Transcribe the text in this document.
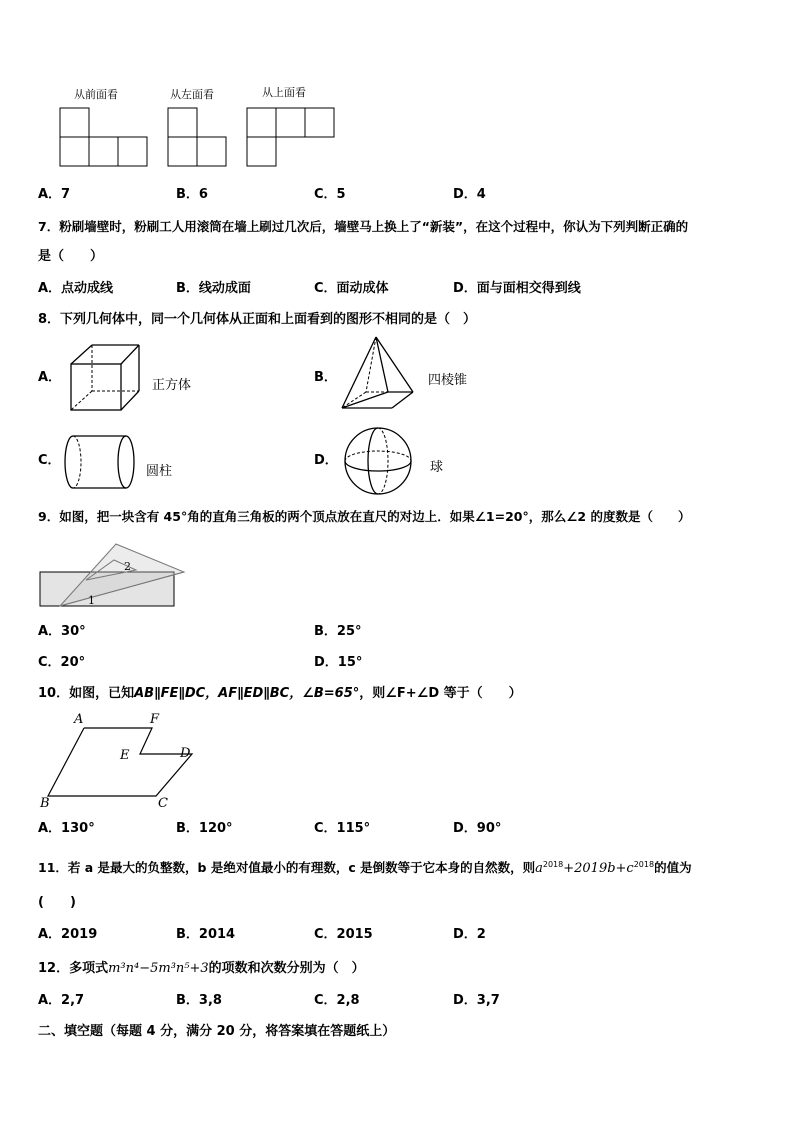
从前面看	从左面看	从上面看
A．7	B．6	C．5	D．4
7．粉刷墙壁时，粉刷工人用滚筒在墙上刷过几次后，墙壁马上换上了“新装”，在这个过程中，你认为下列判断正确的
是（　　）
A．点动成线	B．线动成面	C．面动成体	D．面与面相交得到线
8．下列几何体中，同一个几何体从正面和上面看到的图形不相同的是（　）
A．
正方体
B．	四棱锥
C．
圆柱
D．	球
9．如图，把一块含有 45°角的直角三角板的两个顶点放在直尺的对边上．如果∠1=20°，那么∠2 的度数是（　　）
2
1
A．30°	B．25°
C．20°	D．15°
10．如图，已知AB∥FE∥DC，AF∥ED∥BC，∠B=65°，则∠F+∠D 等于（　　）
A	F
E	D
B	C
A．130°	B．120°	C．115°	D．90°
11．若 a 是最大的负整数，b 是绝对值最小的有理数，c 是倒数等于它本身的自然数，则$a^{2018}+2019b+c^{2018}$的值为
(　　)
A．2019	B．2014	C．2015	D．2
12．多项式m³n⁴−5m³n⁵+3的项数和次数分别为（　）
A．2,7	B．3,8	C．2,8	D．3,7
二、填空题（每题 4 分，满分 20 分，将答案填在答题纸上）
